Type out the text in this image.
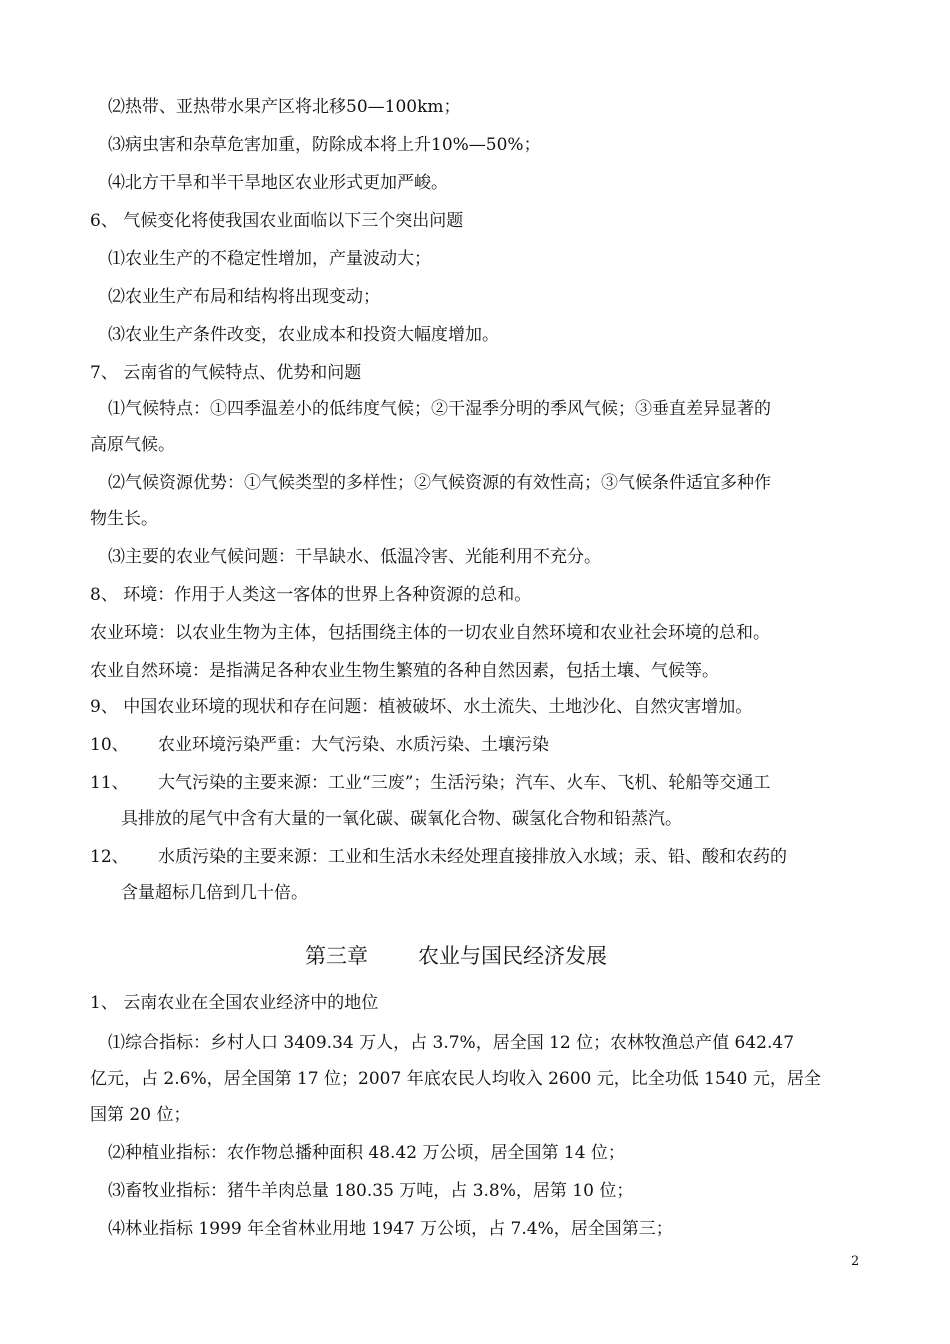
⑵热带、亚热带水果产区将北移50—100km；
⑶病虫害和杂草危害加重，防除成本将上升10%—50%；
⑷北方干旱和半干旱地区农业形式更加严峻。
6、 气候变化将使我国农业面临以下三个突出问题
⑴农业生产的不稳定性增加，产量波动大；
⑵农业生产布局和结构将出现变动；
⑶农业生产条件改变，农业成本和投资大幅度增加。
7、 云南省的气候特点、优势和问题
⑴气候特点：①四季温差小的低纬度气候；②干湿季分明的季风气候；③垂直差异显著的
高原气候。
⑵气候资源优势：①气候类型的多样性；②气候资源的有效性高；③气候条件适宜多种作
物生长。
⑶主要的农业气候问题：干旱缺水、低温冷害、光能利用不充分。
8、 环境：作用于人类这一客体的世界上各种资源的总和。
农业环境：以农业生物为主体，包括围绕主体的一切农业自然环境和农业社会环境的总和。
农业自然环境：是指满足各种农业生物生繁殖的各种自然因素，包括土壤、气候等。
9、 中国农业环境的现状和存在问题：植被破坏、水土流失、土地沙化、自然灾害增加。
10、 农业环境污染严重：大气污染、水质污染、土壤污染
11、 大气污染的主要来源：工业“三废”；生活污染；汽车、火车、飞机、轮船等交通工
具排放的尾气中含有大量的一氧化碳、碳氧化合物、碳氢化合物和铅蒸汽。
12、 水质污染的主要来源：工业和生活水未经处理直接排放入水域；汞、铅、酸和农药的
含量超标几倍到几十倍。
第三章 农业与国民经济发展
1、 云南农业在全国农业经济中的地位
⑴综合指标：乡村人口 3409.34 万人，占 3.7%，居全国 12 位；农林牧渔总产值 642.47
亿元，占 2.6%，居全国第 17 位；2007 年底农民人均收入 2600 元，比全功低 1540 元，居全
国第 20 位；
⑵种植业指标：农作物总播种面积 48.42 万公顷，居全国第 14 位；
⑶畜牧业指标：猪牛羊肉总量 180.35 万吨，占 3.8%，居第 10 位；
⑷林业指标 1999 年全省林业用地 1947 万公顷，占 7.4%，居全国第三；
2
